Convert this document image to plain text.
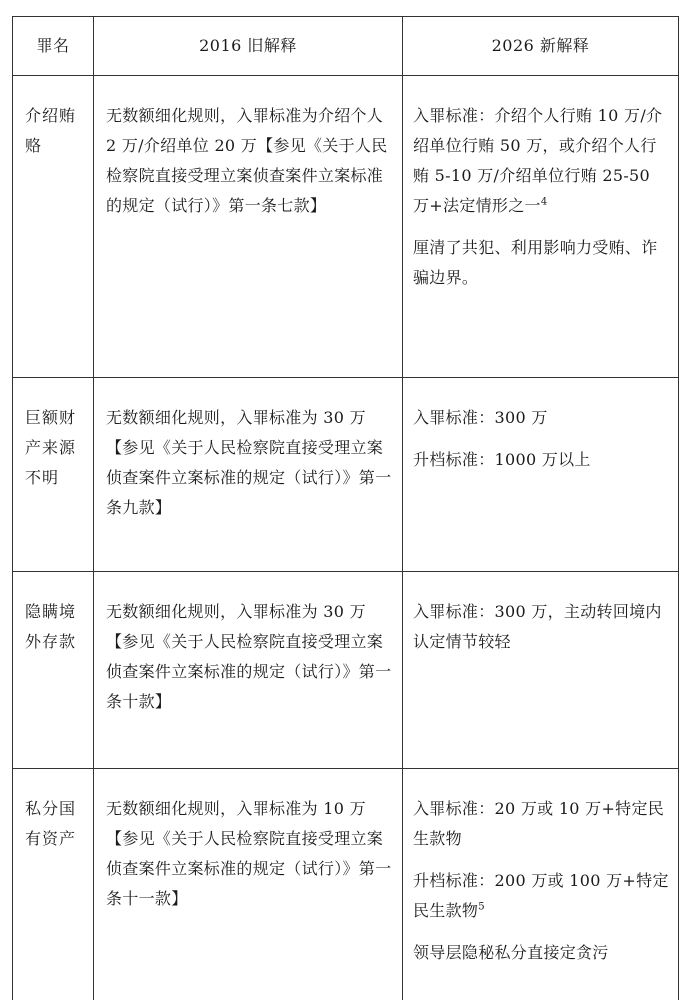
罪名	2016 旧解释	2026 新解释
介绍贿赂	无数额细化规则，入罪标准为介绍个人 2 万/介绍单位 20 万【参见《关于人民检察院直接受理立案侦查案件立案标准的规定（试行）》第一条七款】	入罪标准：介绍个人行贿 10 万/介绍单位行贿 50 万，或介绍个人行贿 5-10 万/介绍单位行贿 25-50 万+法定情形之一$^4$

厘清了共犯、利用影响力受贿、诈骗边界。

巨额财产来源不明	无数额细化规则，入罪标准为 30 万【参见《关于人民检察院直接受理立案侦查案件立案标准的规定（试行）》第一条九款】	入罪标准：300 万

升档标准：1000 万以上

隐瞒境外存款	无数额细化规则，入罪标准为 30 万【参见《关于人民检察院直接受理立案侦查案件立案标准的规定（试行）》第一条十款】	入罪标准：300 万，主动转回境内认定情节较轻

私分国有资产	无数额细化规则，入罪标准为 10 万【参见《关于人民检察院直接受理立案侦查案件立案标准的规定（试行）》第一条十一款】	入罪标准：20 万或 10 万+特定民生款物

升档标准：200 万或 100 万+特定民生款物$^5$

领导层隐秘私分直接定贪污
